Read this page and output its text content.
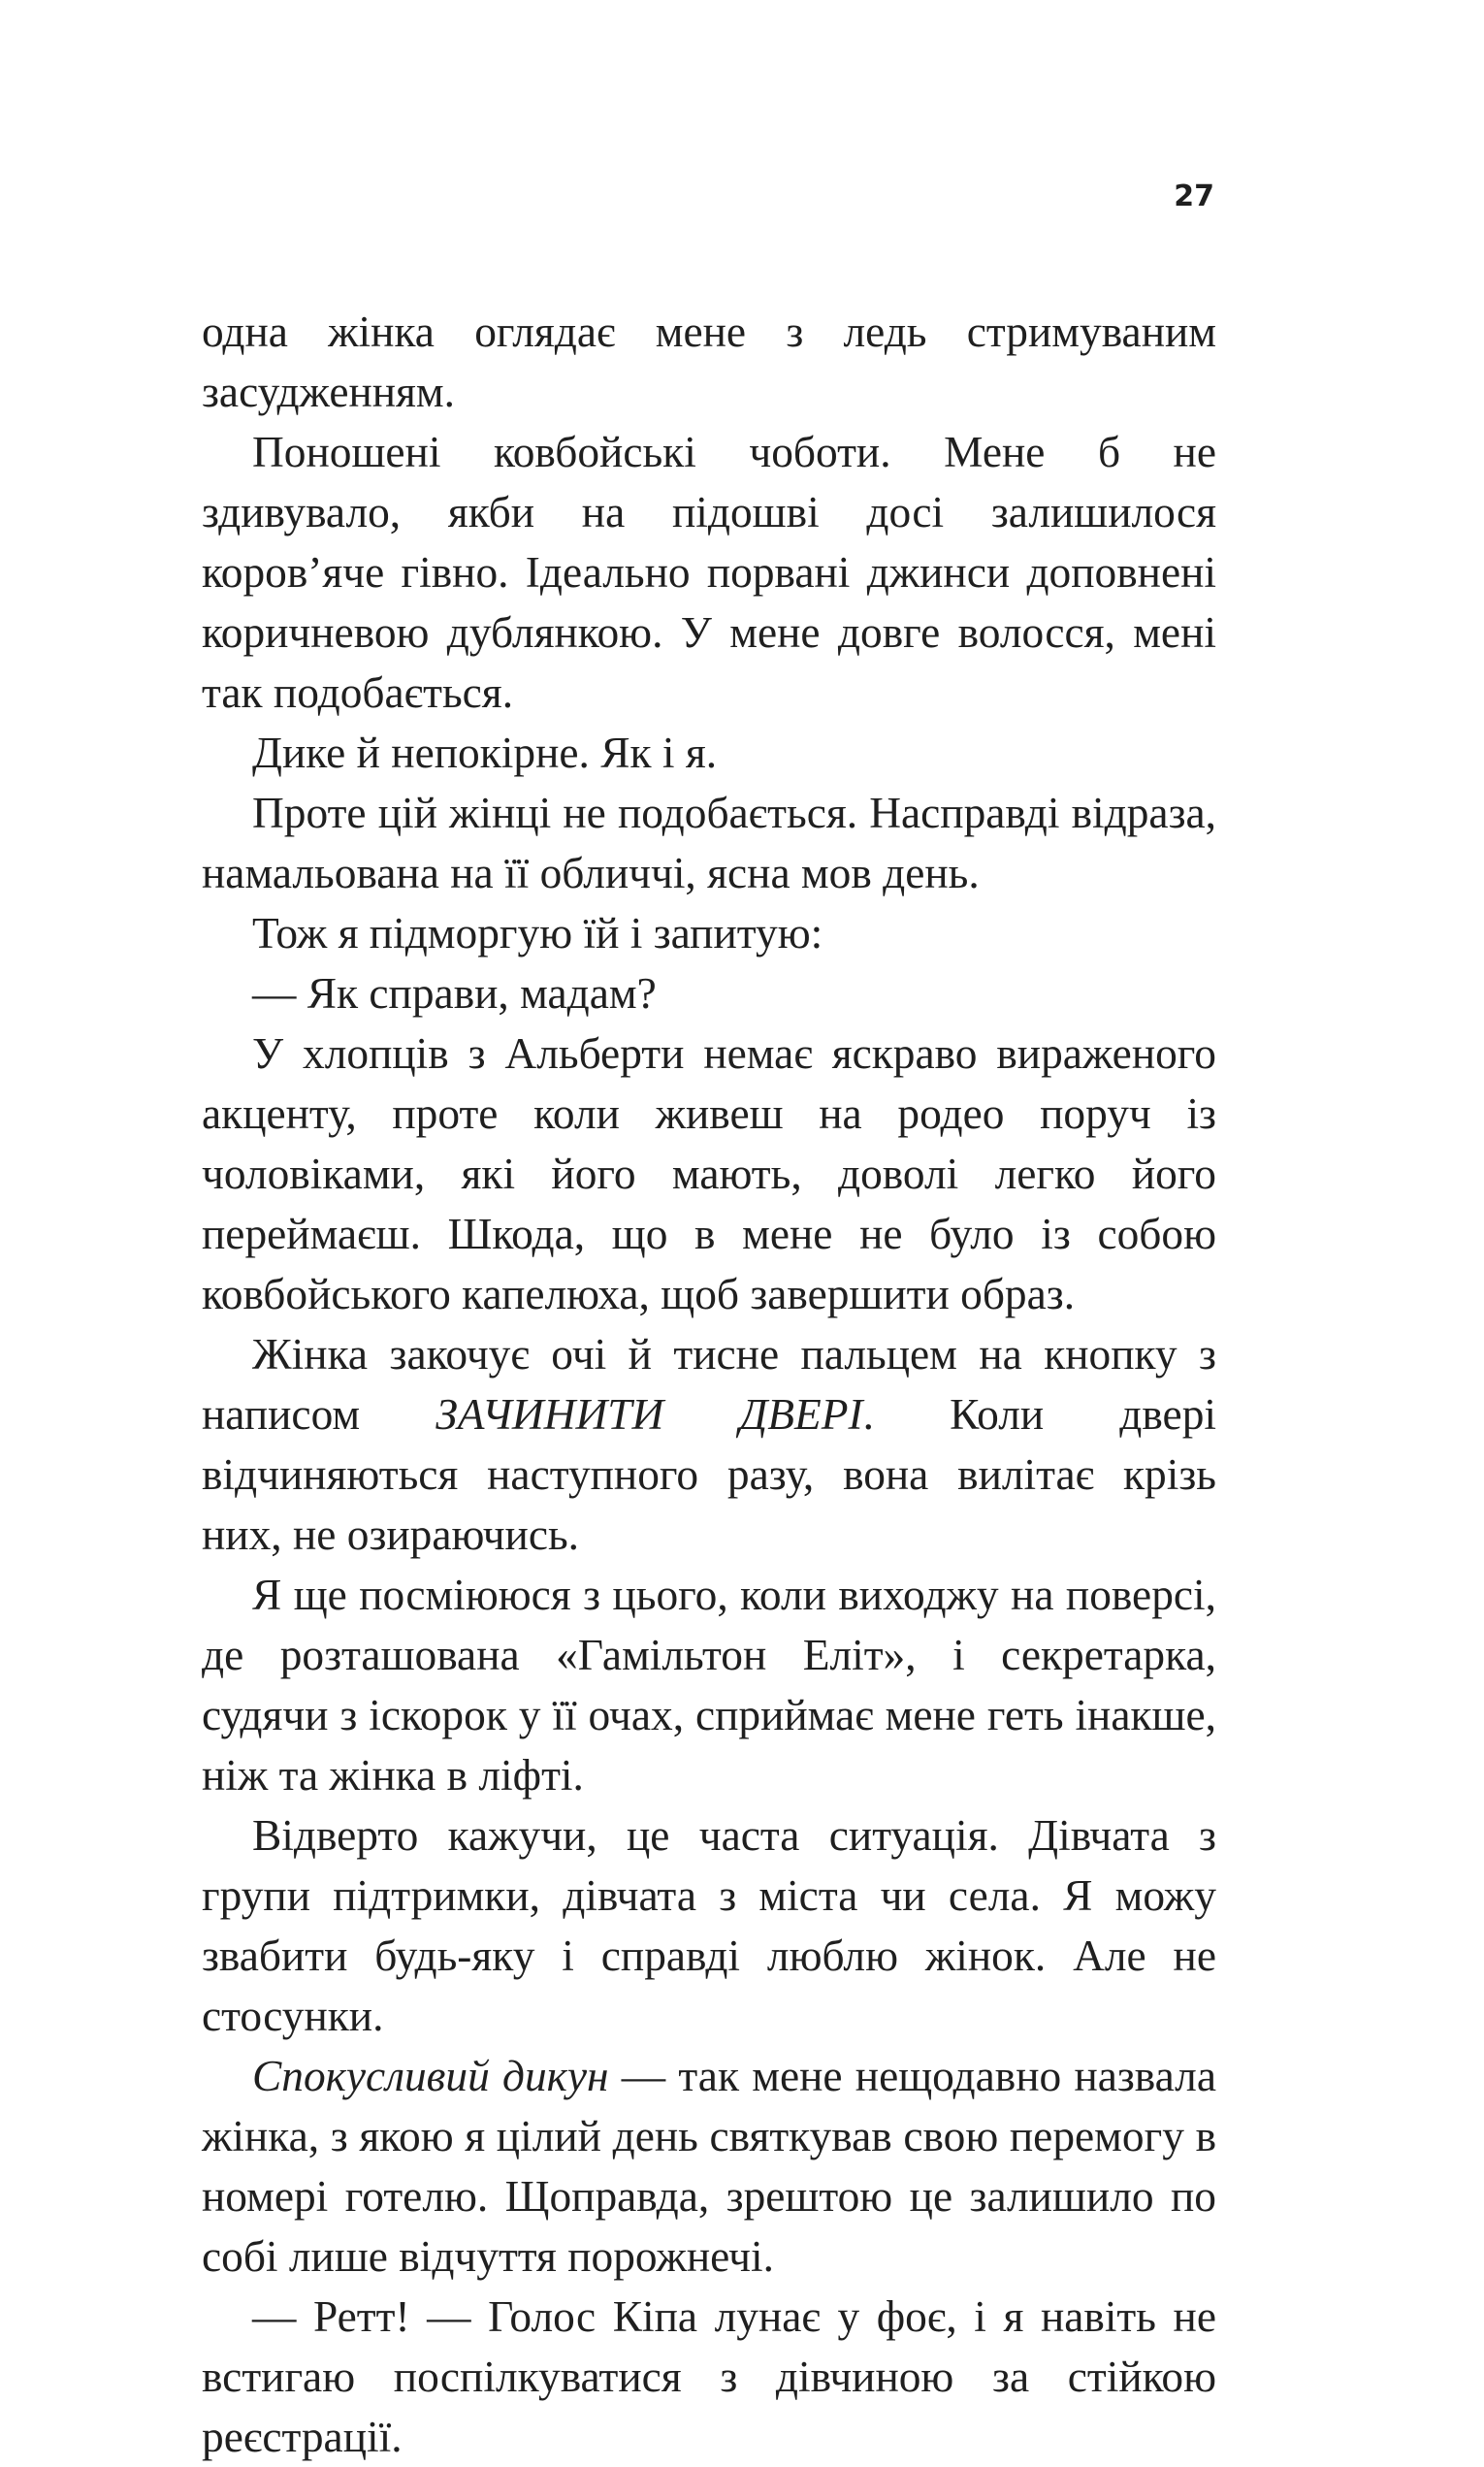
27

одна жінка оглядає мене з ледь стримуваним засудженням.

Поношені ковбойські чоботи. Мене б не здивувало, якби на підошві досі залишилося коров’яче гівно. Ідеально порвані джинси доповнені коричневою дублянкою. У мене довге волосся, мені так подобається.

Дике й непокірне. Як і я.

Проте цій жінці не подобається. Насправді відраза, намальована на її обличчі, ясна мов день.

Тож я підморгую їй і запитую:

— Як справи, мадам?

У хлопців з Альберти немає яскраво вираженого акценту, проте коли живеш на родео поруч із чоловіками, які його мають, доволі легко його переймаєш. Шкода, що в мене не було із собою ковбойського капелюха, щоб завершити образ.

Жінка закочує очі й тисне пальцем на кнопку з написом ЗАЧИНИТИ ДВЕРІ. Коли двері відчиняються наступного разу, вона вилітає крізь них, не озираючись.

Я ще посміююся з цього, коли виходжу на поверсі, де розташована «Гамільтон Еліт», і секретарка, судячи з іскорок у її очах, сприймає мене геть інакше, ніж та жінка в ліфті.

Відверто кажучи, це часта ситуація. Дівчата з групи підтримки, дівчата з міста чи села. Я можу звабити будь-яку і справді люблю жінок. Але не стосунки.

Спокусливий дикун — так мене нещодавно назвала жінка, з якою я цілий день святкував свою перемогу в номері готелю. Щоправда, зрештою це залишило по собі лише відчуття порожнечі.

— Ретт! — Голос Кіпа лунає у фоє, і я навіть не встигаю поспілкуватися з дівчиною за стійкою реєстрації.
